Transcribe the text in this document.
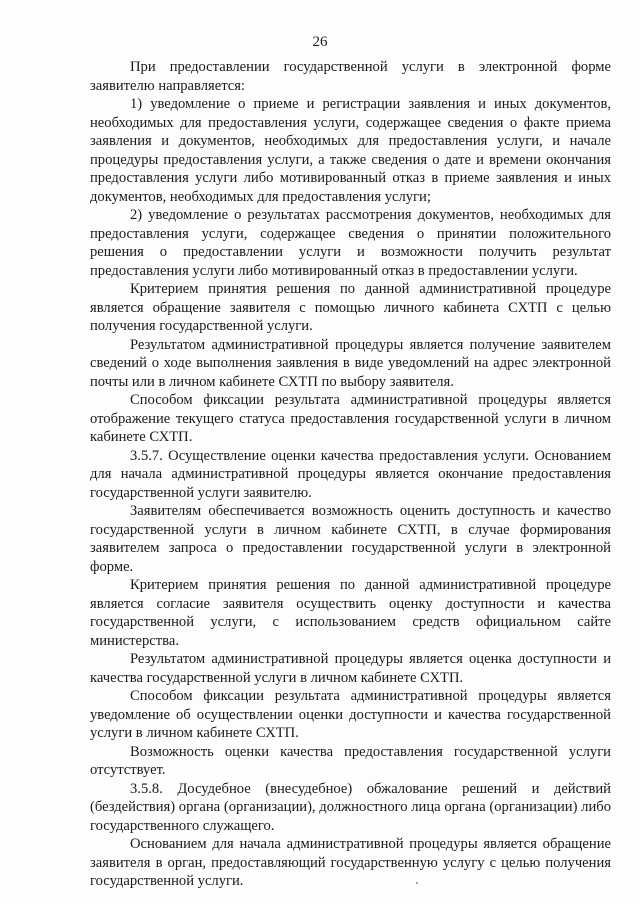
26

При предоставлении государственной услуги в электронной форме заявителю направляется:

1) уведомление о приеме и регистрации заявления и иных документов, необходимых для предоставления услуги, содержащее сведения о факте приема заявления и документов, необходимых для предоставления услуги, и начале процедуры предоставления услуги, а также сведения о дате и времени окончания предоставления услуги либо мотивированный отказ в приеме заявления и иных документов, необходимых для предоставления услуги;

2) уведомление о результатах рассмотрения документов, необходимых для предоставления услуги, содержащее сведения о принятии положительного решения о предоставлении услуги и возможности получить результат предоставления услуги либо мотивированный отказ в предоставлении услуги.

Критерием принятия решения по данной административной процедуре является обращение заявителя с помощью личного кабинета СХТП с целью получения государственной услуги.

Результатом административной процедуры является получение заявителем сведений о ходе выполнения заявления в виде уведомлений на адрес электронной почты или в личном кабинете СХТП по выбору заявителя.

Способом фиксации результата административной процедуры является отображение текущего статуса предоставления государственной услуги в личном кабинете СХТП.

3.5.7. Осуществление оценки качества предоставления услуги. Основанием для начала административной процедуры является окончание предоставления государственной услуги заявителю.

Заявителям обеспечивается возможность оценить доступность и качество государственной услуги в личном кабинете СХТП, в случае формирования заявителем запроса о предоставлении государственной услуги в электронной форме.

Критерием принятия решения по данной административной процедуре является согласие заявителя осуществить оценку доступности и качества государственной услуги, с использованием средств официальном сайте министерства.

Результатом административной процедуры является оценка доступности и качества государственной услуги в личном кабинете СХТП.

Способом фиксации результата административной процедуры является уведомление об осуществлении оценки доступности и качества государственной услуги в личном кабинете СХТП.

Возможность оценки качества предоставления государственной услуги отсутствует.

3.5.8. Досудебное (внесудебное) обжалование решений и действий (бездействия) органа (организации), должностного лица органа (организации) либо государственного служащего.

Основанием для начала административной процедуры является обращение заявителя в орган, предоставляющий государственную услугу с целью получения государственной услуги.
